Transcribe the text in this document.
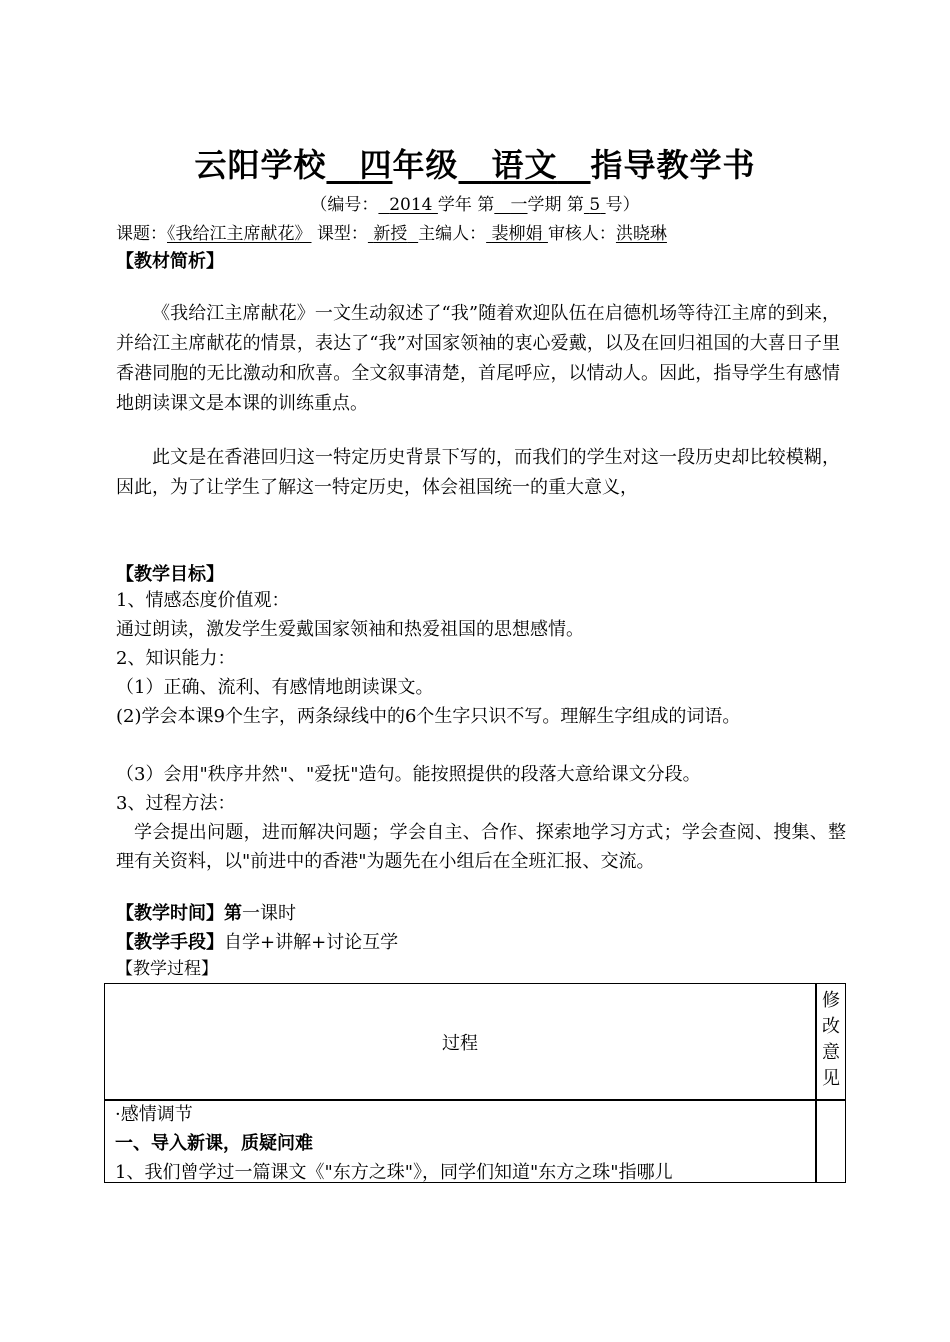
云阳学校　 四年级　 语文　 指导教学书
（编号： 2014 学年 第 一学期 第 5 号）
课题：《我给江主席献花》 课型： 新授 主编人： 裴柳娟 审核人：洪晓琳
【教材简析】
《我给江主席献花》一文生动叙述了“我”随着欢迎队伍在启德机场等待江主席的到来，并给江主席献花的情景，表达了“我”对国家领袖的衷心爱戴，以及在回归祖国的大喜日子里香港同胞的无比激动和欣喜。全文叙事清楚，首尾呼应，以情动人。因此，指导学生有感情地朗读课文是本课的训练重点。
此文是在香港回归这一特定历史背景下写的，而我们的学生对这一段历史却比较模糊，因此，为了让学生了解这一特定历史，体会祖国统一的重大意义，
【教学目标】
1、情感态度价值观：
通过朗读，激发学生爱戴国家领袖和热爱祖国的思想感情。
2、知识能力：
（1）正确、流利、有感情地朗读课文。
(2)学会本课9个生字，两条绿线中的6个生字只识不写。理解生字组成的词语。
（3）会用"秩序井然"、"爱抚"造句。能按照提供的段落大意给课文分段。
3、过程方法：
学会提出问题，进而解决问题；学会自主、合作、探索地学习方式；学会查阅、搜集、整理有关资料，以"前进中的香港"为题先在小组后在全班汇报、交流。
【教学时间】第一课时
【教学手段】自学+讲解+讨论互学
【教学过程】
过程
修
改
意
见
·感情调节
一、导入新课，质疑问难
1、我们曾学过一篇课文《"东方之珠"》，同学们知道"东方之珠"指哪儿
